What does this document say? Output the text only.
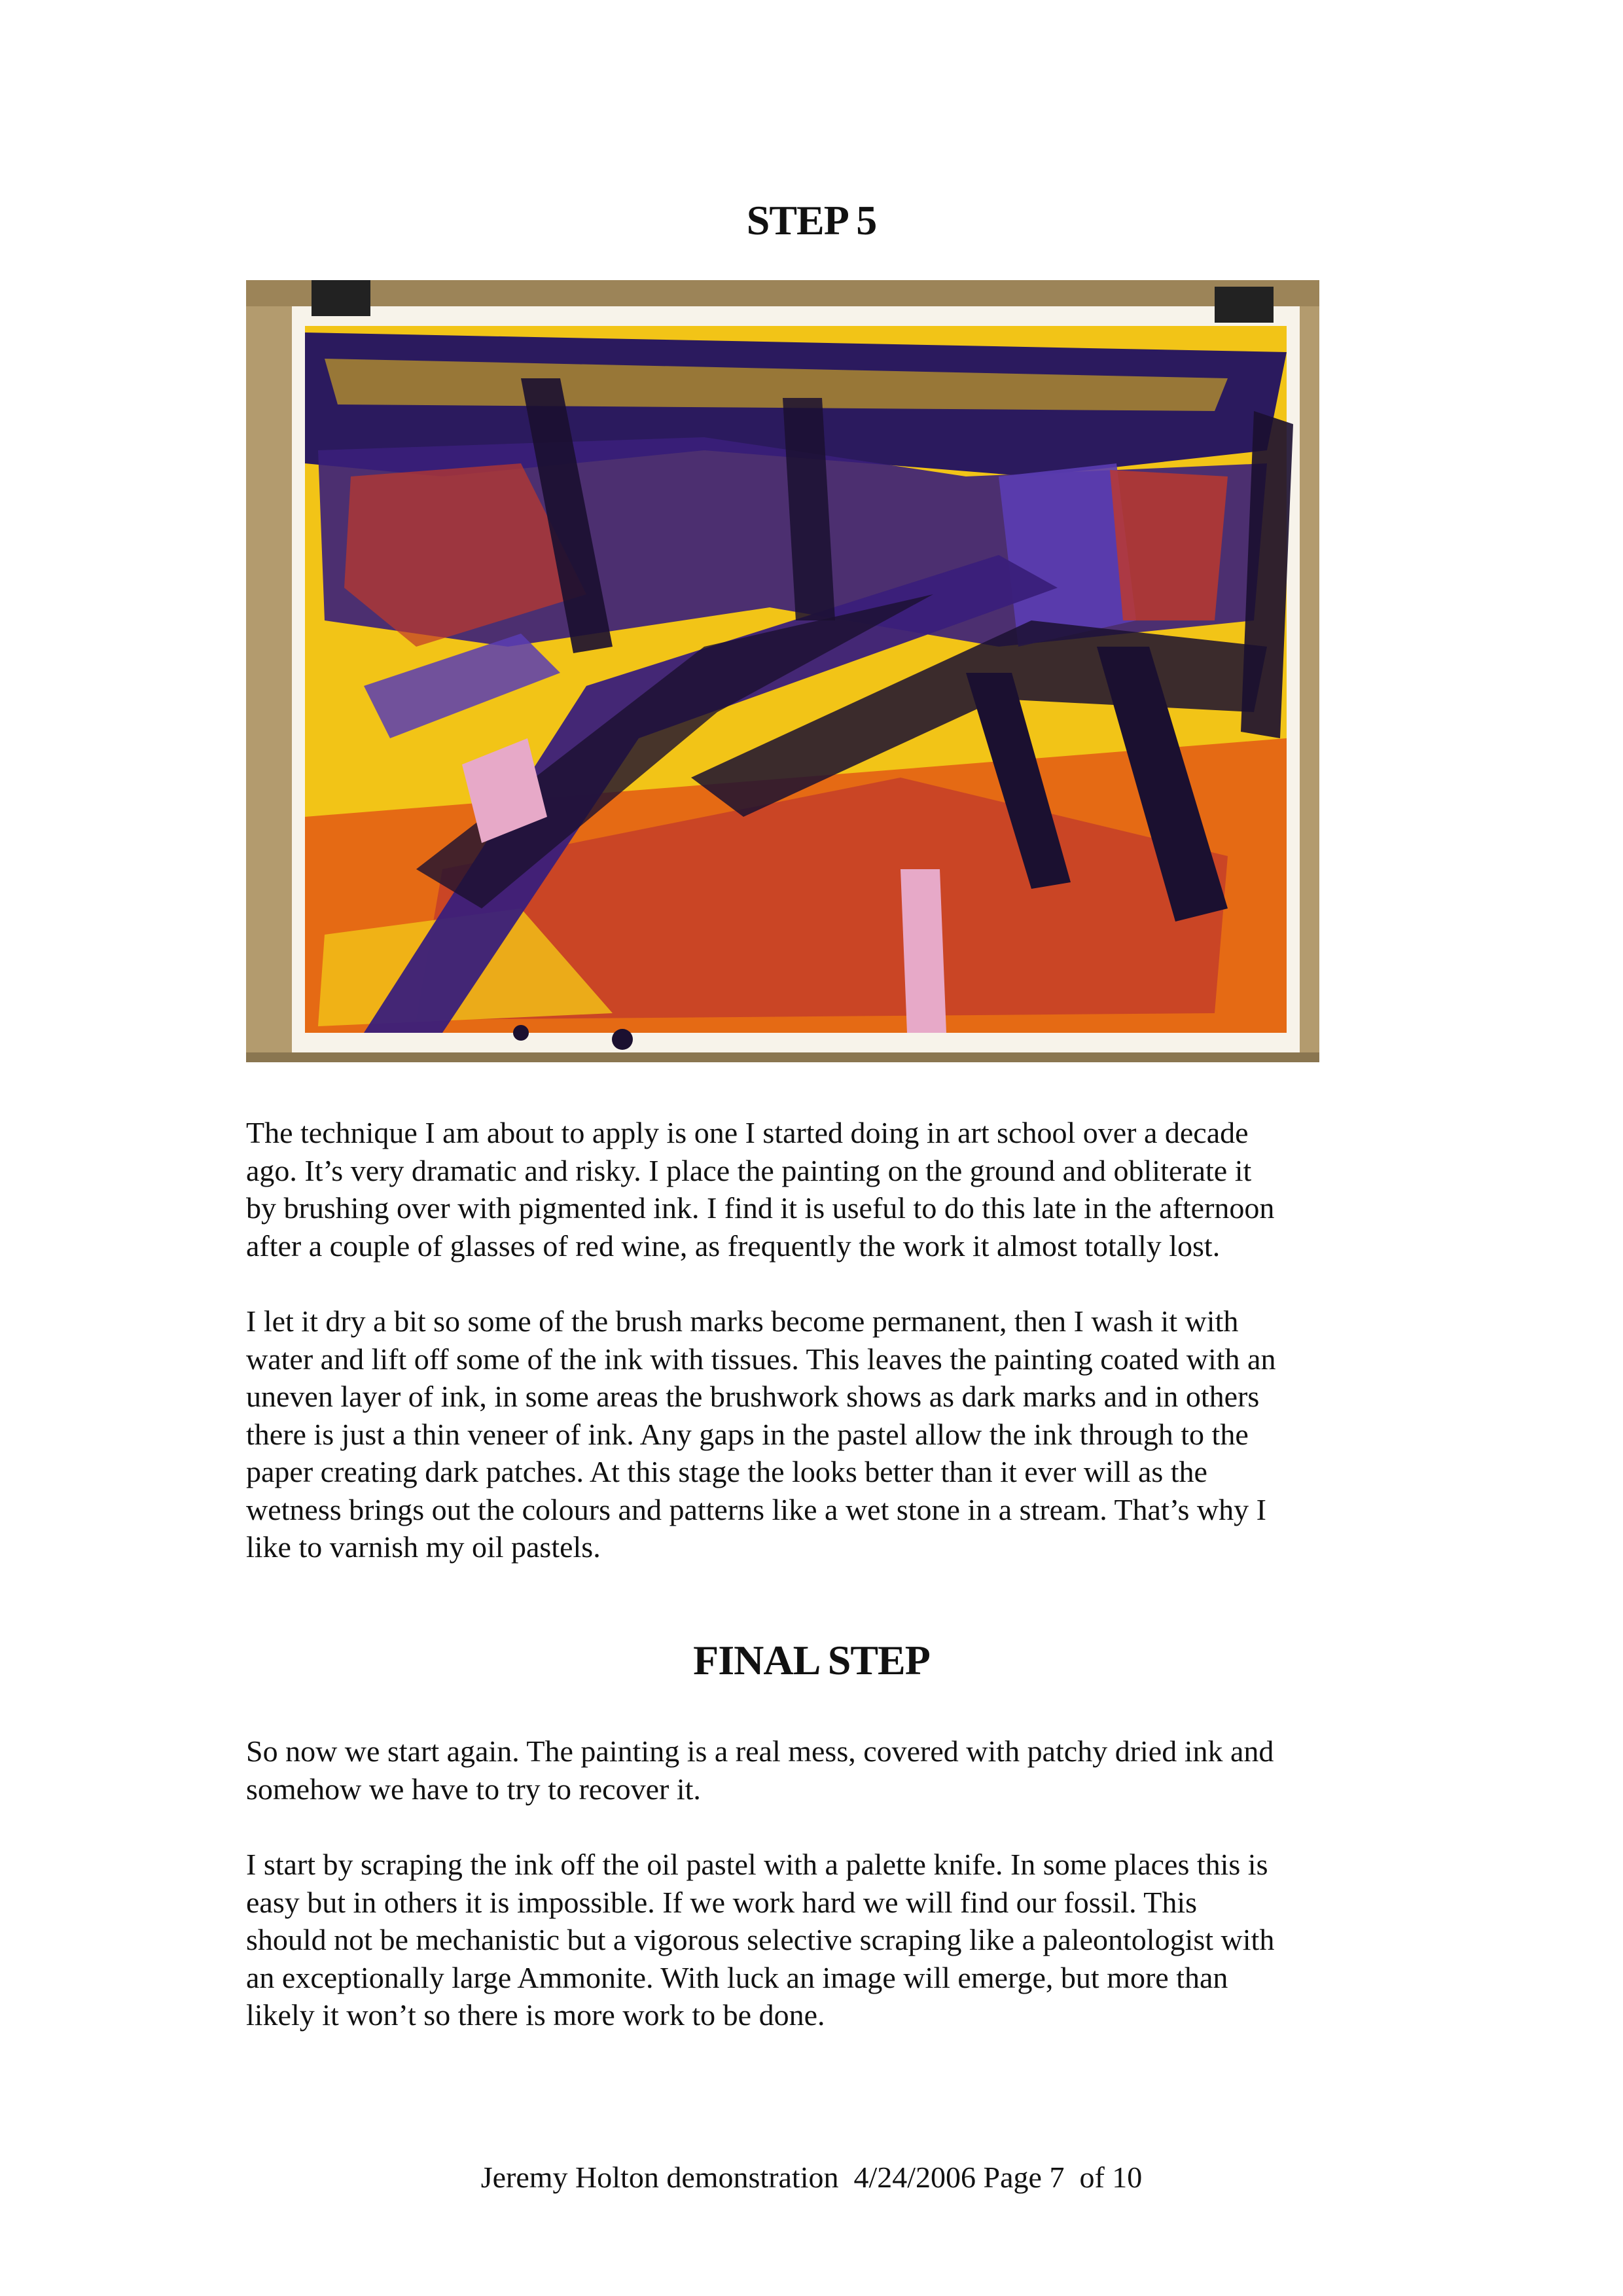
STEP 5

The technique I am about to apply is one I started doing in art school over a decade
ago. It’s very dramatic and risky. I place the painting on the ground and obliterate it
by brushing over with pigmented ink. I find it is useful to do this late in the afternoon
after a couple of glasses of red wine, as frequently the work it almost totally lost.

I let it dry a bit so some of the brush marks become permanent, then I wash it with
water and lift off some of the ink with tissues. This leaves the painting coated with an
uneven layer of ink, in some areas the brushwork shows as dark marks and in others
there is just a thin veneer of ink. Any gaps in the pastel allow the ink through to the
paper creating dark patches. At this stage the looks better than it ever will as the
wetness brings out the colours and patterns like a wet stone in a stream. That’s why I
like to varnish my oil pastels.

FINAL STEP

So now we start again. The painting is a real mess, covered with patchy dried ink and
somehow we have to try to recover it.

I start by scraping the ink off the oil pastel with a palette knife. In some places this is
easy but in others it is impossible. If we work hard we will find our fossil. This
should not be mechanistic but a vigorous selective scraping like a paleontologist with
an exceptionally large Ammonite. With luck an image will emerge, but more than
likely it won’t so there is more work to be done.

Jeremy Holton demonstration  4/24/2006 Page 7  of 10
